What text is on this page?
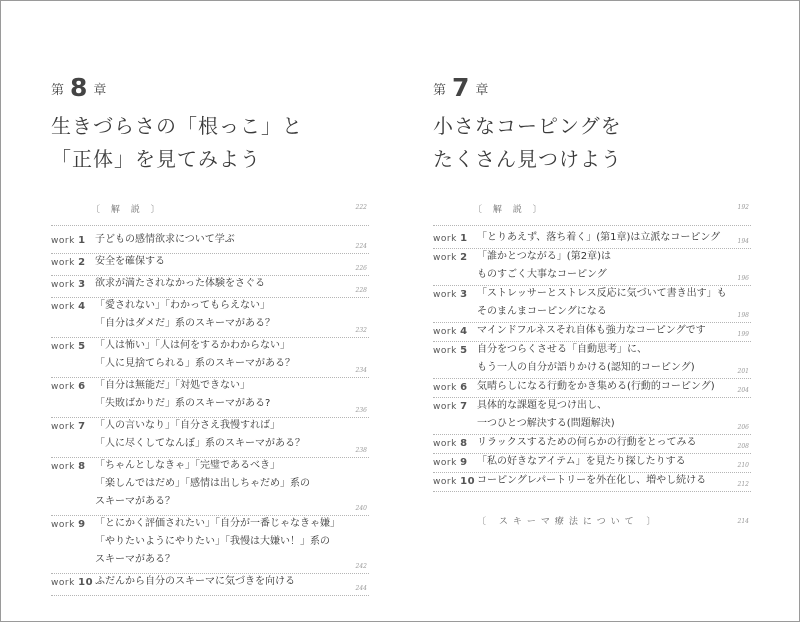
第 8 章
生きづらさの「根っこ」と
「正体」を見てみよう
〔 解 説 〕	222
work 1 子どもの感情欲求について学ぶ
224
work 2 安全を確保する
226
work 3 欲求が満たされなかった体験をさぐる
228
work 4 「愛されない」「わかってもらえない」
「自分はダメだ」系のスキーマがある？
232
work 5 「人は怖い」「人は何をするかわからない」
「人に見捨てられる」系のスキーマがある？
234
work 6 「自分は無能だ」「対処できない」
「失敗ばかりだ」系のスキーマがある?
236
work 7 「人の言いなり」「自分さえ我慢すれば」
「人に尽くしてなんぼ」系のスキーマがある？
238
work 8 「ちゃんとしなきゃ」「完璧であるべき」
「楽しんではだめ」「感情は出しちゃだめ」系の
スキーマがある？
240
work 9 「とにかく評価されたい」「自分が一番じゃなきゃ嫌」
「やりたいようにやりたい」「我慢は大嫌い！」系の
スキーマがある？
242
work 10 ふだんから自分のスキーマに気づきを向ける
244
第 7 章
小さなコーピングを
たくさん見つけよう
〔 解 説 〕	192
work 1 「とりあえず、落ち着く」(第1章)は立派なコーピング	194
work 2 「誰かとつながる」(第2章)は
ものすごく大事なコーピング	196
work 3 「ストレッサーとストレス反応に気づいて書き出す」も
そのまんまコーピングになる	198
work 4 マインドフルネスそれ自体も強力なコーピングです	199
work 5 自分をつらくさせる「自動思考」に、
もう一人の自分が語りかける(認知的コーピング)	201
work 6 気晴らしになる行動をかき集める(行動的コーピング)	204
work 7 具体的な課題を見つけ出し、
一つひとつ解決する(問題解決)	206
work 8 リラックスするための何らかの行動をとってみる	208
work 9 「私の好きなアイテム」を見たり探したりする	210
work 10 コーピングレパートリーを外在化し、増やし続ける	212
〔 スキーマ療法について 〕	214
